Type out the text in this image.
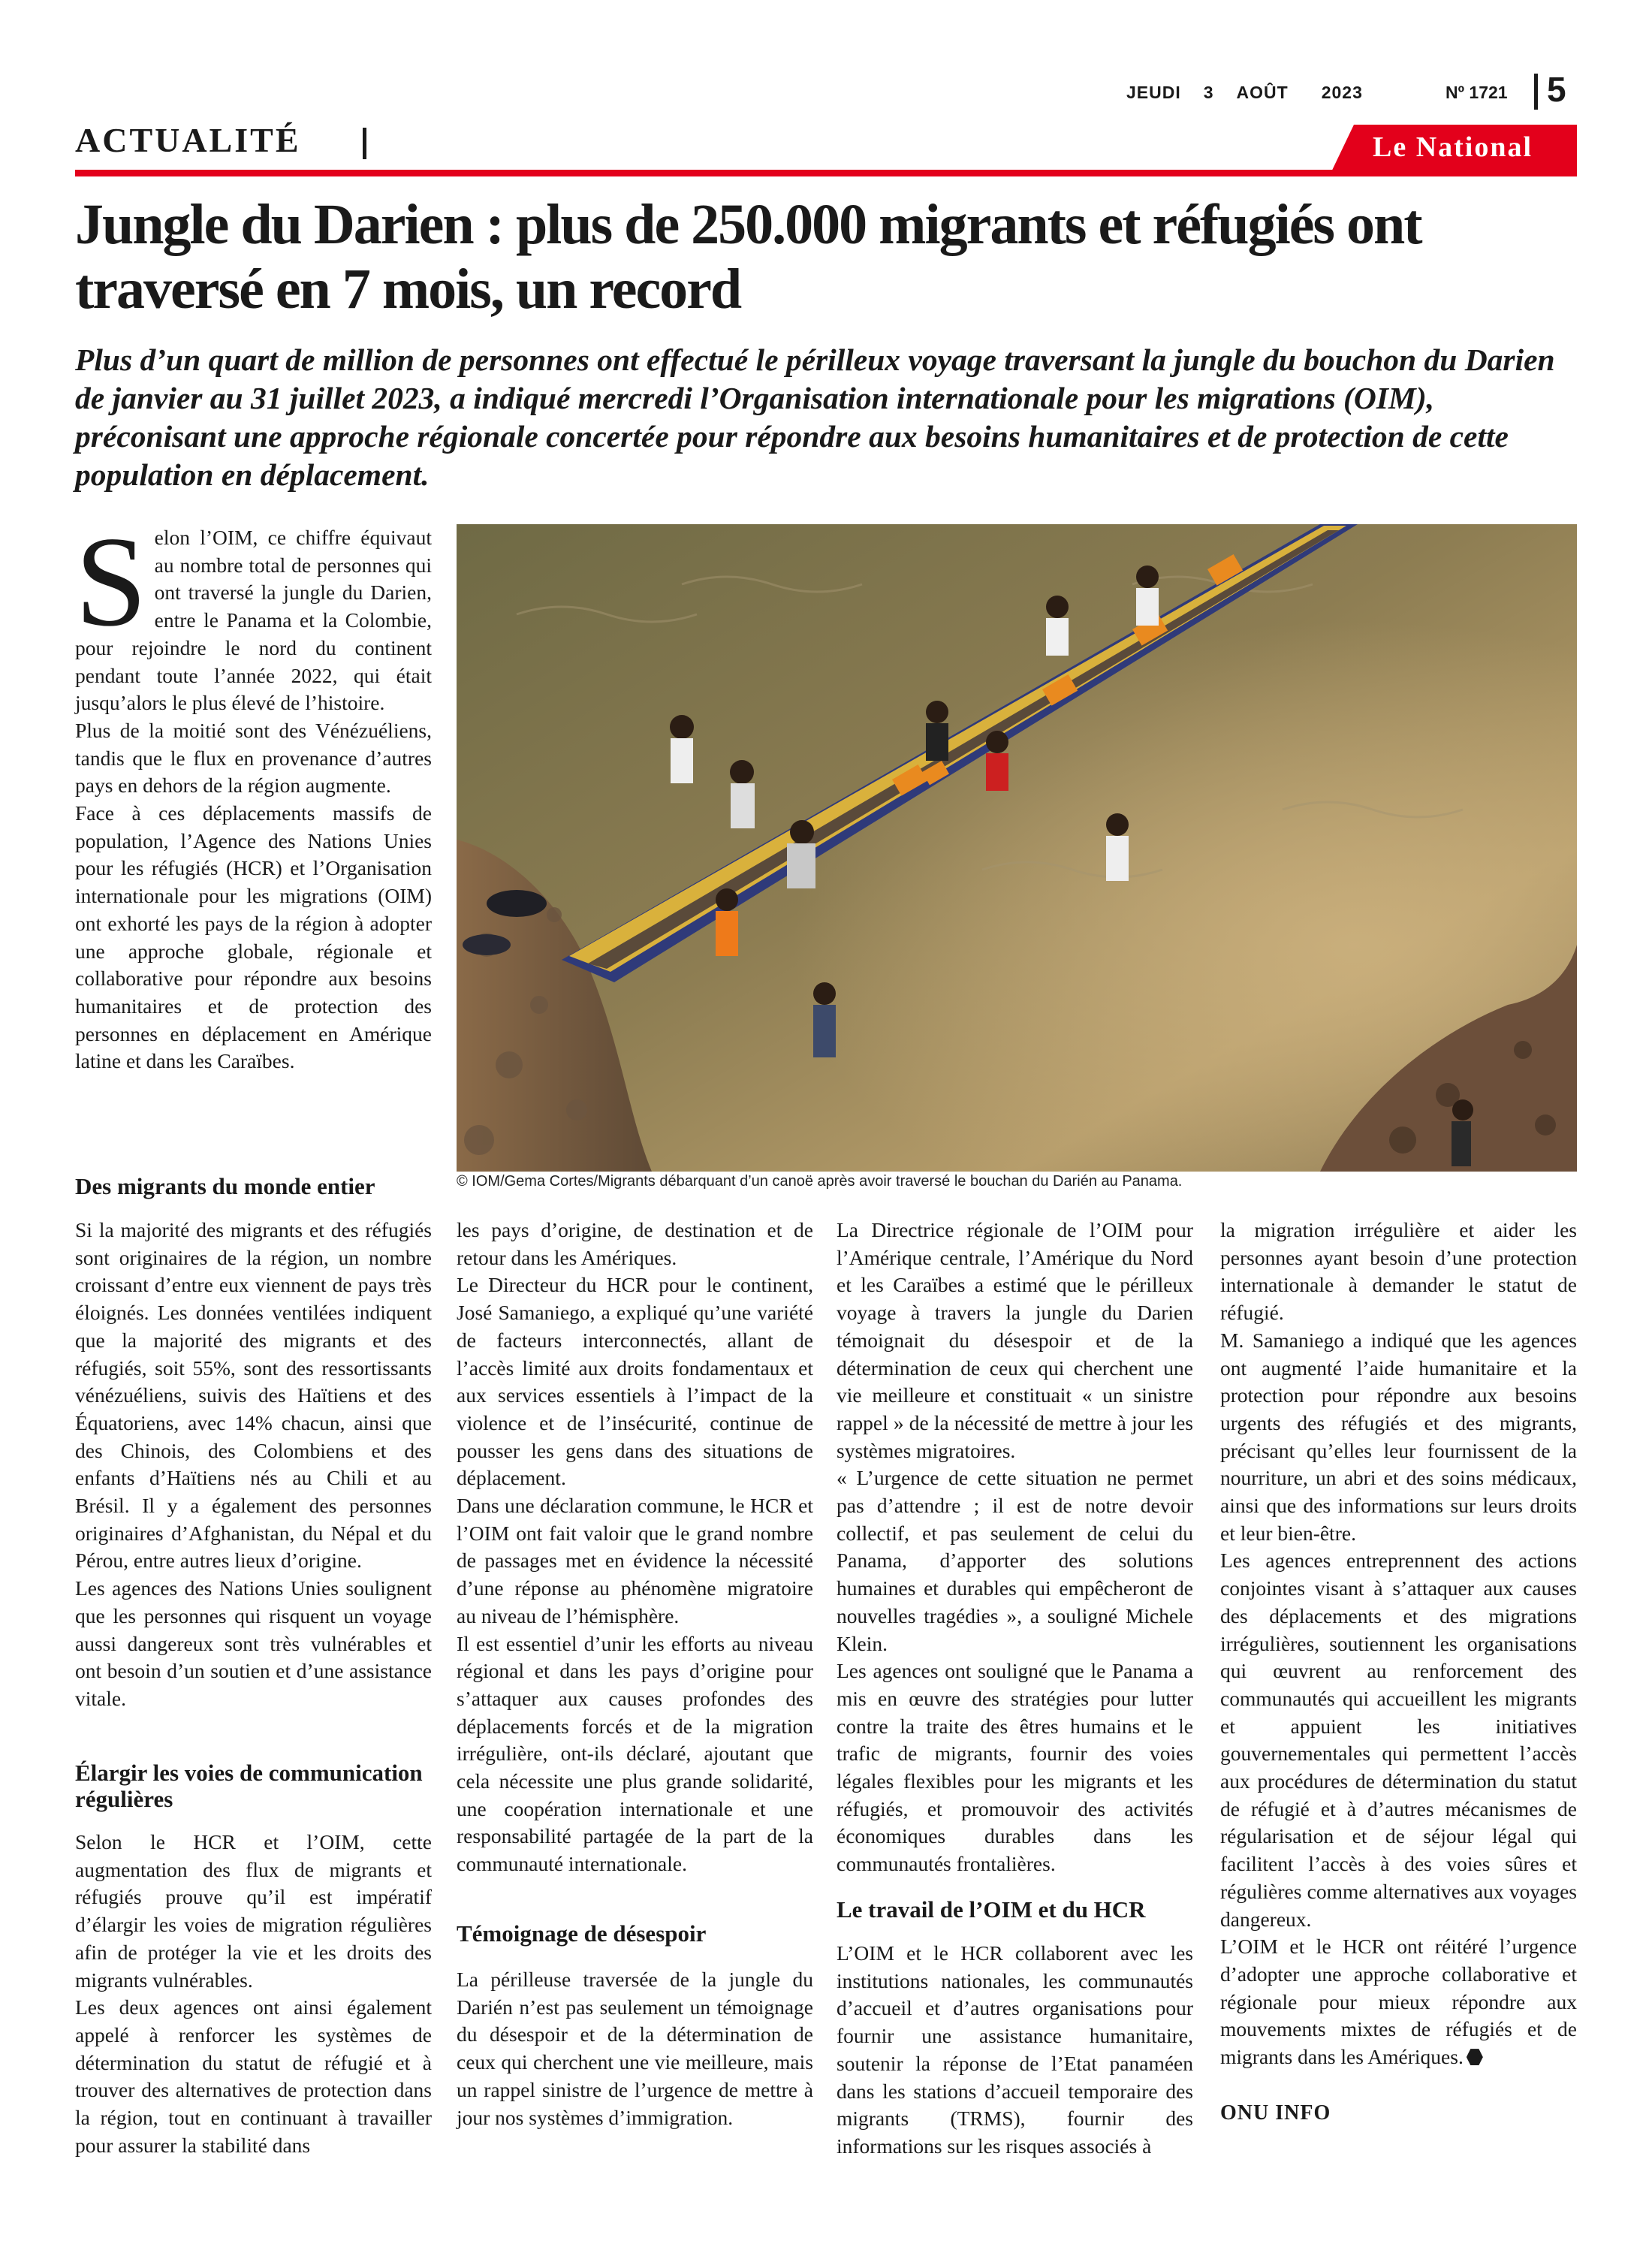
JEUDI 3 AOÛT 2023	Nº 1721 5
ACTUALITÉ	Le National
Jungle du Darien : plus de 250.000 migrants et réfugiés ont traversé en 7 mois, un record
Plus d’un quart de million de personnes ont effectué le périlleux voyage traversant la jungle du bouchon du Darien de janvier au 31 juillet 2023, a indiqué mercredi l’Organisation internationale pour les migrations (OIM), préconisant une approche régionale concertée pour répondre aux besoins humanitaires et de protection de cette population en déplacement.
S elon l’OIM, ce chiffre équivaut au nombre total de personnes qui ont traversé la jungle du Darien, entre le Panama et la Colombie, pour rejoindre le nord du continent pendant toute l’année 2022, qui était jusqu’alors le plus élevé de l’histoire.

Plus de la moitié sont des Vénézuéliens, tandis que le flux en provenance d’autres pays en dehors de la région augmente.

Face à ces déplacements massifs de population, l’Agence des Nations Unies pour les réfugiés (HCR) et l’Organisation internationale pour les migrations (OIM) ont exhorté les pays de la région à adopter une approche globale, régionale et collaborative pour répondre aux besoins humanitaires et de protection des personnes en déplacement en Amérique latine et dans les Caraïbes.

© IOM/Gema Cortes/Migrants débarquant d’un canoë après avoir traversé le bouchan du Darién au Panama.
Des migrants du monde entier

Si la majorité des migrants et des réfugiés sont originaires de la région, un nombre croissant d’entre eux viennent de pays très éloignés. Les données ventilées indiquent que la majorité des migrants et des réfugiés, soit 55%, sont des ressortissants vénézuéliens, suivis des Haïtiens et des Équatoriens, avec 14% chacun, ainsi que des Chinois, des Colombiens et des enfants d’Haïtiens nés au Chili et au Brésil. Il y a également des personnes originaires d’Afghanistan, du Népal et du Pérou, entre autres lieux d’origine.

Les agences des Nations Unies soulignent que les personnes qui risquent un voyage aussi dangereux sont très vulnérables et ont besoin d’un soutien et d’une assistance vitale.

Élargir les voies de communication régulières

Selon le HCR et l’OIM, cette augmentation des flux de migrants et réfugiés prouve qu’il est impératif d’élargir les voies de migration régulières afin de protéger la vie et les droits des migrants vulnérables.

Les deux agences ont ainsi également appelé à renforcer les systèmes de détermination du statut de réfugié et à trouver des alternatives de protection dans la région, tout en continuant à travailler pour assurer la stabilité dans

les pays d’origine, de destination et de retour dans les Amériques.

Le Directeur du HCR pour le continent, José Samaniego, a expliqué qu’une variété de facteurs interconnectés, allant de l’accès limité aux droits fondamentaux et aux services essentiels à l’impact de la violence et de l’insécurité, continue de pousser les gens dans des situations de déplacement.

Dans une déclaration commune, le HCR et l’OIM ont fait valoir que le grand nombre de passages met en évidence la nécessité d’une réponse au phénomène migratoire au niveau de l’hémisphère.

Il est essentiel d’unir les efforts au niveau régional et dans les pays d’origine pour s’attaquer aux causes profondes des déplacements forcés et de la migration irrégulière, ont-ils déclaré, ajoutant que cela nécessite une plus grande solidarité, une coopération internationale et une responsabilité partagée de la part de la communauté internationale.

Témoignage de désespoir

La périlleuse traversée de la jungle du Darién n’est pas seulement un témoignage du désespoir et de la détermination de ceux qui cherchent une vie meilleure, mais un rappel sinistre de l’urgence de mettre à jour nos systèmes d’immigration.

La Directrice régionale de l’OIM pour l’Amérique centrale, l’Amérique du Nord et les Caraïbes a estimé que le périlleux voyage à travers la jungle du Darien témoignait du désespoir et de la détermination de ceux qui cherchent une vie meilleure et constituait « un sinistre rappel » de la nécessité de mettre à jour les systèmes migratoires.

« L’urgence de cette situation ne permet pas d’attendre ; il est de notre devoir collectif, et pas seulement de celui du Panama, d’apporter des solutions humaines et durables qui empêcheront de nouvelles tragédies », a souligné Michele Klein.

Les agences ont souligné que le Panama a mis en œuvre des stratégies pour lutter contre la traite des êtres humains et le trafic de migrants, fournir des voies légales flexibles pour les migrants et les réfugiés, et promouvoir des activités économiques durables dans les communautés frontalières.

Le travail de l’OIM et du HCR

L’OIM et le HCR collaborent avec les institutions nationales, les communautés d’accueil et d’autres organisations pour fournir une assistance humanitaire, soutenir la réponse de l’Etat panaméen dans les stations d’accueil temporaire des migrants (TRMS), fournir des informations sur les risques associés à

la migration irrégulière et aider les personnes ayant besoin d’une protection internationale à demander le statut de réfugié.

M. Samaniego a indiqué que les agences ont augmenté l’aide humanitaire et la protection pour répondre aux besoins urgents des réfugiés et des migrants, précisant qu’elles leur fournissent de la nourriture, un abri et des soins médicaux, ainsi que des informations sur leurs droits et leur bien-être.

Les agences entreprennent des actions conjointes visant à s’attaquer aux causes des déplacements et des migrations irrégulières, soutiennent les organisations qui œuvrent au renforcement des communautés qui accueillent les migrants et appuient les initiatives gouvernementales qui permettent l’accès aux procédures de détermination du statut de réfugié et à d’autres mécanismes de régularisation et de séjour légal qui facilitent l’accès à des voies sûres et régulières comme alternatives aux voyages dangereux.

L’OIM et le HCR ont réitéré l’urgence d’adopter une approche collaborative et régionale pour mieux répondre aux mouvements mixtes de réfugiés et de migrants dans les Amériques.

ONU INFO
